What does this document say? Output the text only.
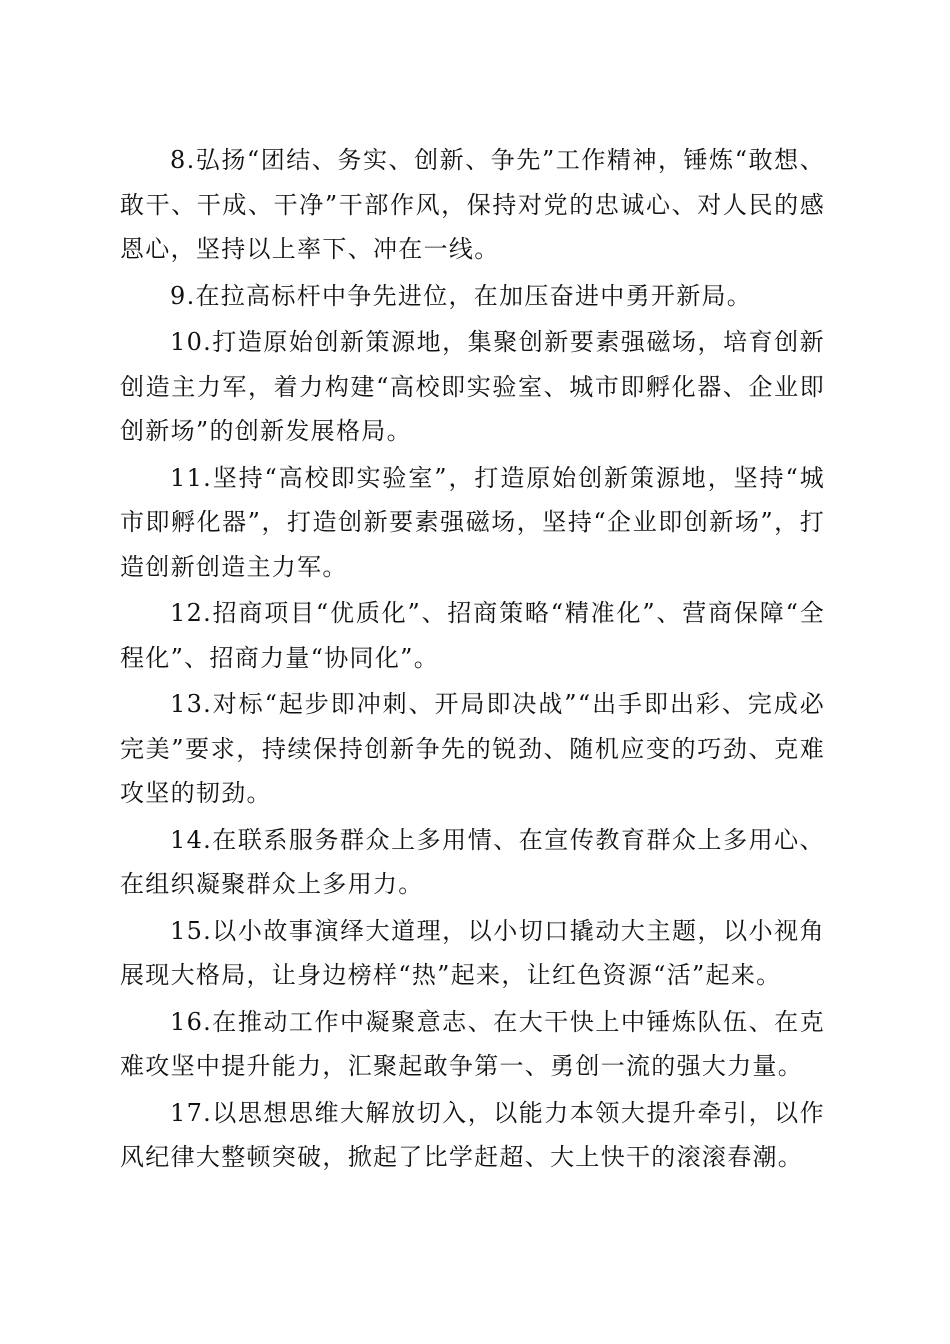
8.弘扬“团结、务实、创新、争先”工作精神，锤炼“敢想、敢干、干成、干净”干部作风，保持对党的忠诚心、对人民的感恩心，坚持以上率下、冲在一线。

9.在拉高标杆中争先进位，在加压奋进中勇开新局。

10.打造原始创新策源地，集聚创新要素强磁场，培育创新创造主力军，着力构建“高校即实验室、城市即孵化器、企业即创新场”的创新发展格局。

11.坚持“高校即实验室”，打造原始创新策源地，坚持“城市即孵化器”，打造创新要素强磁场，坚持“企业即创新场”，打造创新创造主力军。

12.招商项目“优质化”、招商策略“精准化”、营商保障“全程化”、招商力量“协同化”。

13.对标“起步即冲刺、开局即决战”“出手即出彩、完成必完美”要求，持续保持创新争先的锐劲、随机应变的巧劲、克难攻坚的韧劲。

14.在联系服务群众上多用情、在宣传教育群众上多用心、在组织凝聚群众上多用力。

15.以小故事演绎大道理，以小切口撬动大主题，以小视角展现大格局，让身边榜样“热”起来，让红色资源“活”起来。

16.在推动工作中凝聚意志、在大干快上中锤炼队伍、在克难攻坚中提升能力，汇聚起敢争第一、勇创一流的强大力量。

17.以思想思维大解放切入，以能力本领大提升牵引，以作风纪律大整顿突破，掀起了比学赶超、大上快干的滚滚春潮。
